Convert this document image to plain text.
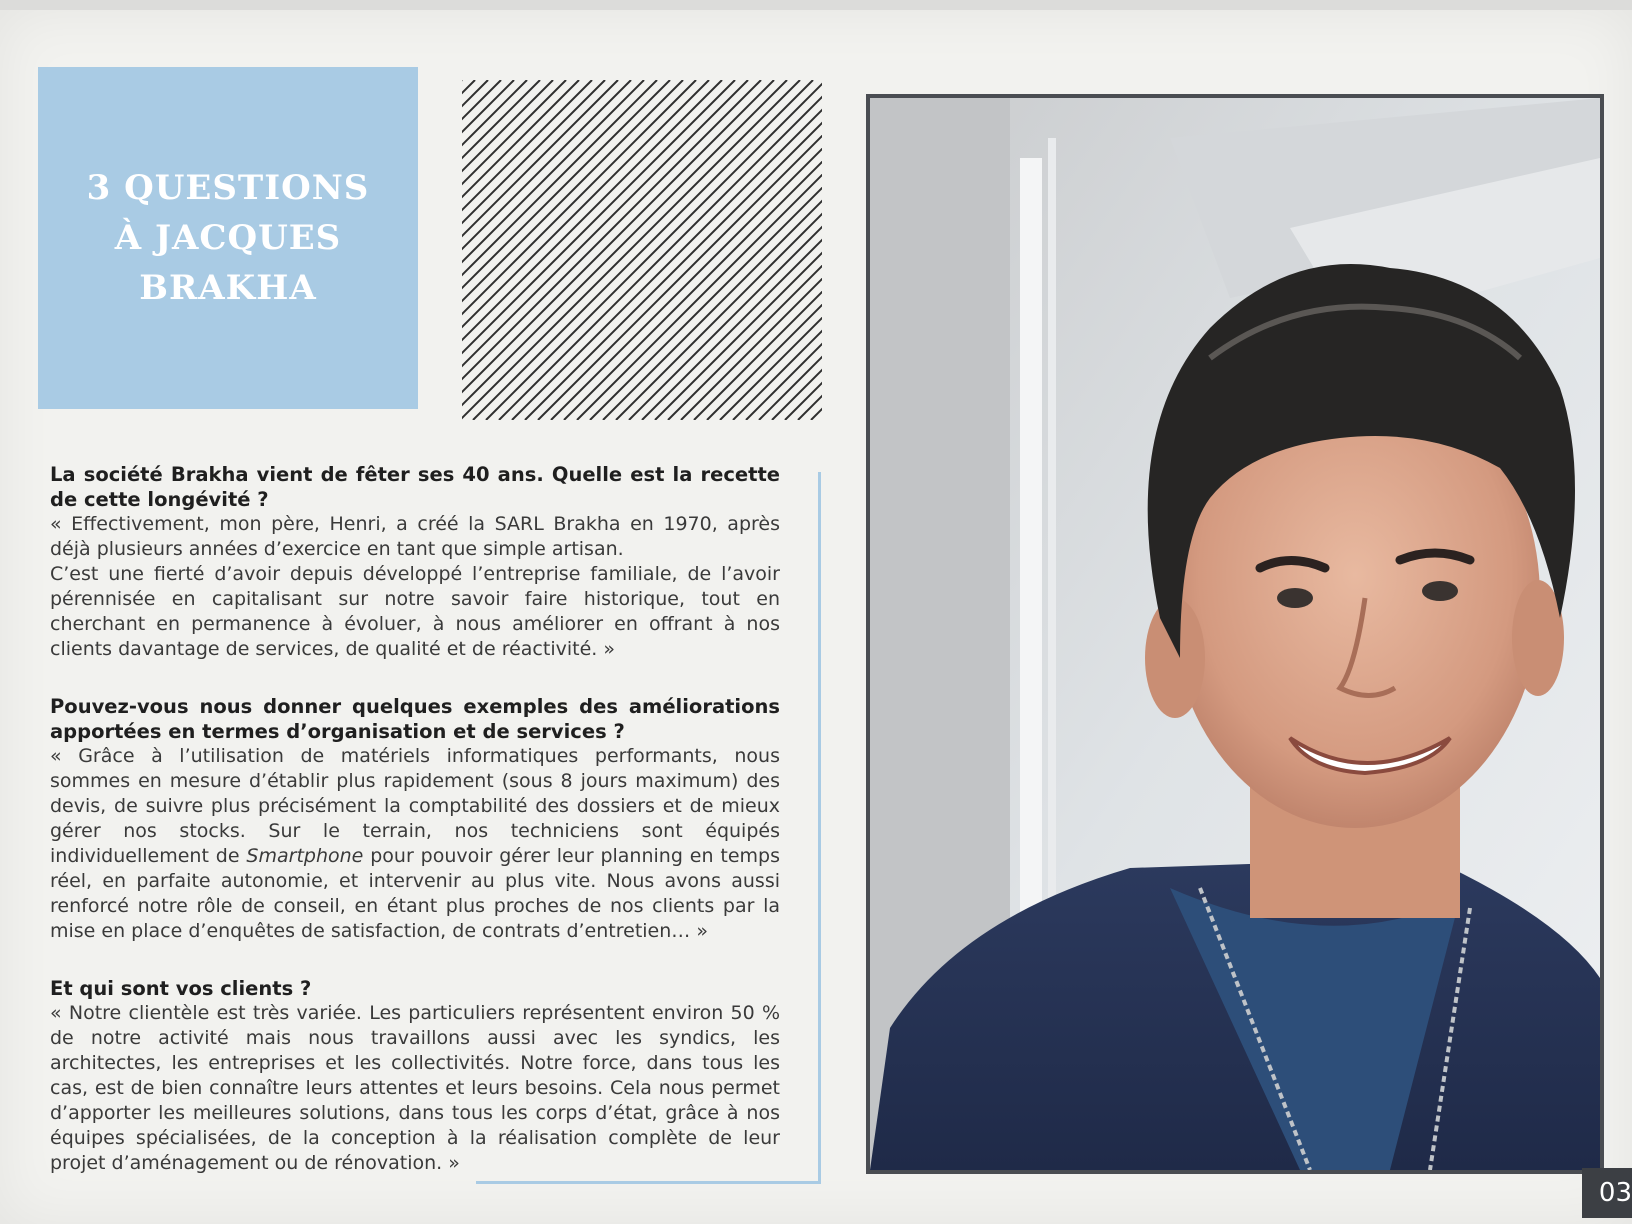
3 QUESTIONS
À JACQUES
BRAKHA

La société Brakha vient de fêter ses 40 ans. Quelle est la recette de cette longévité ?

« Effectivement, mon père, Henri, a créé la SARL Brakha en 1970, après déjà plusieurs années d’exercice en tant que simple artisan.

C’est une fierté d’avoir depuis développé l’entreprise familiale, de l’avoir pérennisée en capitalisant sur notre savoir faire historique, tout en cherchant en permanence à évoluer, à nous améliorer en offrant à nos clients davantage de services, de qualité et de réactivité. »

Pouvez-vous nous donner quelques exemples des améliorations apportées en termes d’organisation et de services ?

« Grâce à l’utilisation de matériels informatiques performants, nous sommes en mesure d’établir plus rapidement (sous 8 jours maximum) des devis, de suivre plus précisément la comptabilité des dossiers et de mieux gérer nos stocks. Sur le terrain, nos techniciens sont équipés individuellement de Smartphone pour pouvoir gérer leur planning en temps réel, en parfaite autonomie, et intervenir au plus vite. Nous avons aussi renforcé notre rôle de conseil, en étant plus proches de nos clients par la mise en place d’enquêtes de satisfaction, de contrats d’entretien… »

Et qui sont vos clients ?

« Notre clientèle est très variée. Les particuliers représentent environ 50 % de notre activité mais nous travaillons aussi avec les syndics, les architectes, les entreprises et les collectivités. Notre force, dans tous les cas, est de bien connaître leurs attentes et leurs besoins. Cela nous permet d’apporter les meilleures solutions, dans tous les corps d’état, grâce à nos équipes spécialisées, de la conception à la réalisation complète de leur projet d’aménagement ou de rénovation. »

03
